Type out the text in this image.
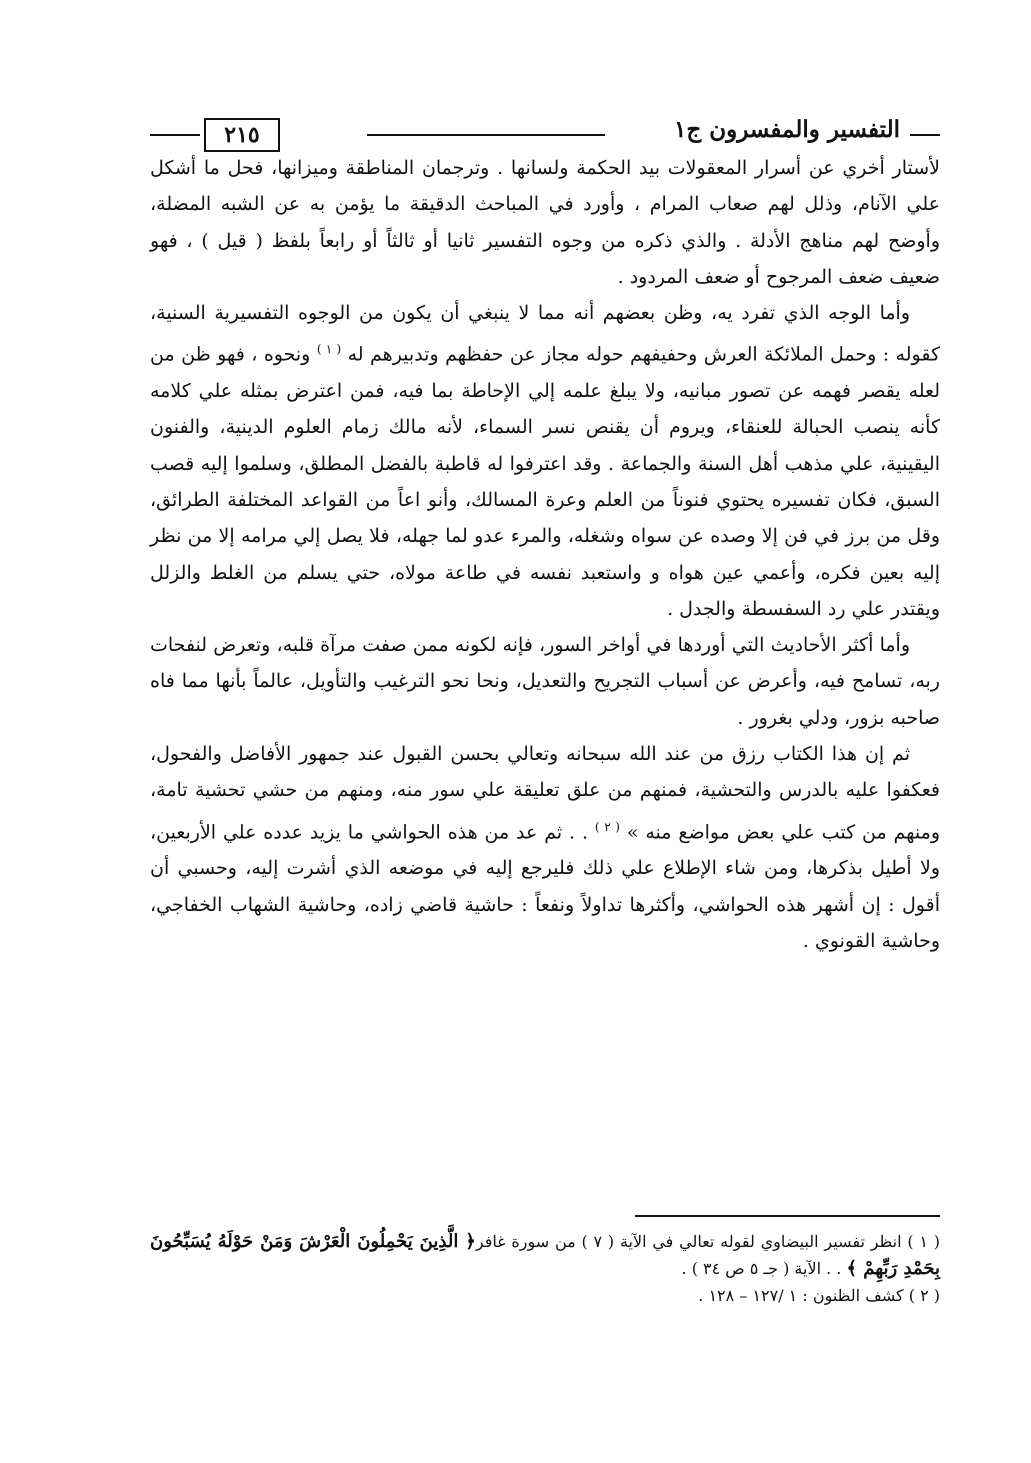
التفسير والمفسرون ج١
٢١٥

لأستار أخري عن أسرار المعقولات بيد الحكمة ولسانها . وترجمان المناطقة وميزانها، فحل ما أشكل علي الآنام، وذلل لهم صعاب المرام ، وأورد في المباحث الدقيقة ما يؤمن به عن الشبه المضلة، وأوضح لهم مناهج الأدلة . والذي ذكره من وجوه التفسير ثانيا أو ثالثاً أو رابعاً بلفظ ( قيل ) ، فهو ضعيف ضعف المرجوح أو ضعف المردود .

وأما الوجه الذي تفرد يه، وظن بعضهم أنه مما لا ينبغي أن يكون من الوجوه التفسيرية السنية، كقوله : وحمل الملائكة العرش وحفيفهم حوله مجاز عن حفظهم وتدبيرهم له $^{( ١ )}$ ونحوه ، فهو ظن من لعله يقصر فهمه عن تصور مبانيه، ولا يبلغ علمه إلي الإحاطة بما فيه، فمن اعترض بمثله علي كلامه كأنه ينصب الحبالة للعنقاء، ويروم أن يقنص نسر السماء، لأنه مالك زمام العلوم الدينية، والفنون اليقينية، علي مذهب أهل السنة والجماعة . وقد اعترفوا له قاطبة بالفضل المطلق، وسلموا إليه قصب السبق، فكان تفسيره يحتوي فنوناً من العلم وعرة المسالك، وأنو اعاً من القواعد المختلفة الطرائق، وقل من برز في فن إلا وصده عن سواه وشغله، والمرء عدو لما جهله، فلا يصل إلي مرامه إلا من نظر إليه بعين فكره، وأعمي عين هواه و واستعبد نفسه في طاعة مولاه، حتي يسلم من الغلط والزلل ويقتدر علي رد السفسطة والجدل .

وأما أكثر الأحاديث التي أوردها في أواخر السور، فإنه لكونه ممن صفت مرآة قلبه، وتعرض لنفحات ربه، تسامح فيه، وأعرض عن أسباب التجريح والتعديل، ونحا نحو الترغيب والتأويل، عالماً بأنها مما فاه صاحبه بزور، ودلي بغرور .

ثم إن هذا الكتاب رزق من عند الله سبحانه وتعالي بحسن القبول عند جمهور الأفاضل والفحول، فعكفوا عليه بالدرس والتحشية، فمنهم من علق تعليقة علي سور منه، ومنهم من حشي تحشية تامة، ومنهم من كتب علي بعض مواضع منه » $^{( ٢ )}$ . . ثم عد من هذه الحواشي ما يزيد عدده علي الأربعين، ولا أطيل بذكرها، ومن شاء الإطلاع علي ذلك فليرجع إليه في موضعه الذي أشرت إليه، وحسبي أن أقول : إن أشهر هذه الحواشي، وأكثرها تداولاً ونفعاً : حاشية قاضي زاده، وحاشية الشهاب الخفاجي، وحاشية القونوي .

( ١ ) انظر تفسير البيضاوي لقوله تعالي في الآية ( ٧ ) من سورة غافر﴿ الَّذِينَ يَحْمِلُونَ الْعَرْشَ وَمَنْ حَوْلَهُ يُسَبِّحُونَ بِحَمْدِ رَبِّهِمْ ﴾ . . الآية ( جـ ٥ ص ٣٤ ) .

( ٢ ) كشف الظنون : ١ /١٢٧ – ١٢٨ .
